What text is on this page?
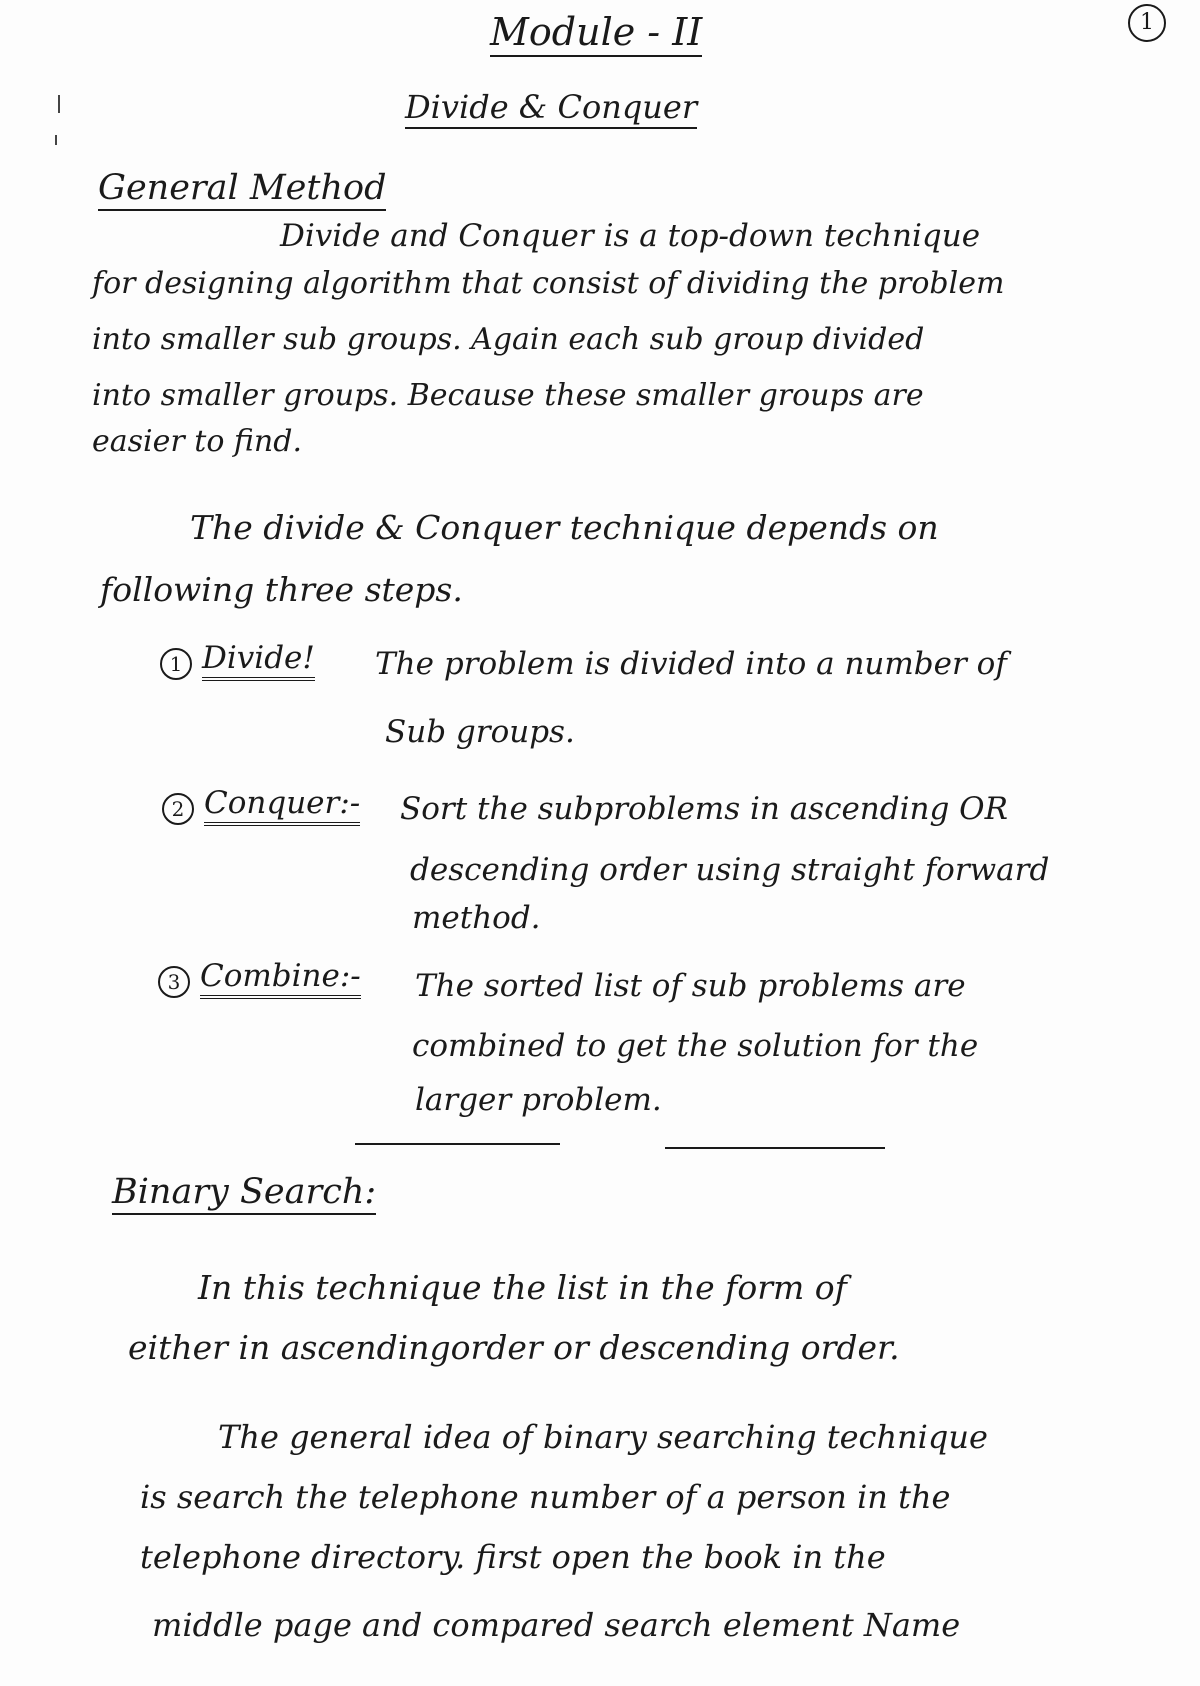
1
Module - II
Divide & Conquer
General Method
Divide and Conquer is a top-down technique
for designing algorithm that consist of dividing the problem
into smaller sub groups. Again each sub group divided
into smaller groups. Because these smaller groups are
easier to find.
The divide & Conquer technique depends on
following three steps.
1 Divide! The problem is divided into a number of
Sub groups.
2 Conquer:- Sort the subproblems in ascending OR
descending order using straight forward
method.
3 Combine:- The sorted list of sub problems are
combined to get the solution for the
larger problem.
Binary Search:
In this technique the list in the form of
either in ascendingorder or descending order.
The general idea of binary searching technique
is search the telephone number of a person in the
telephone directory. first open the book in the
middle page and compared search element Name
